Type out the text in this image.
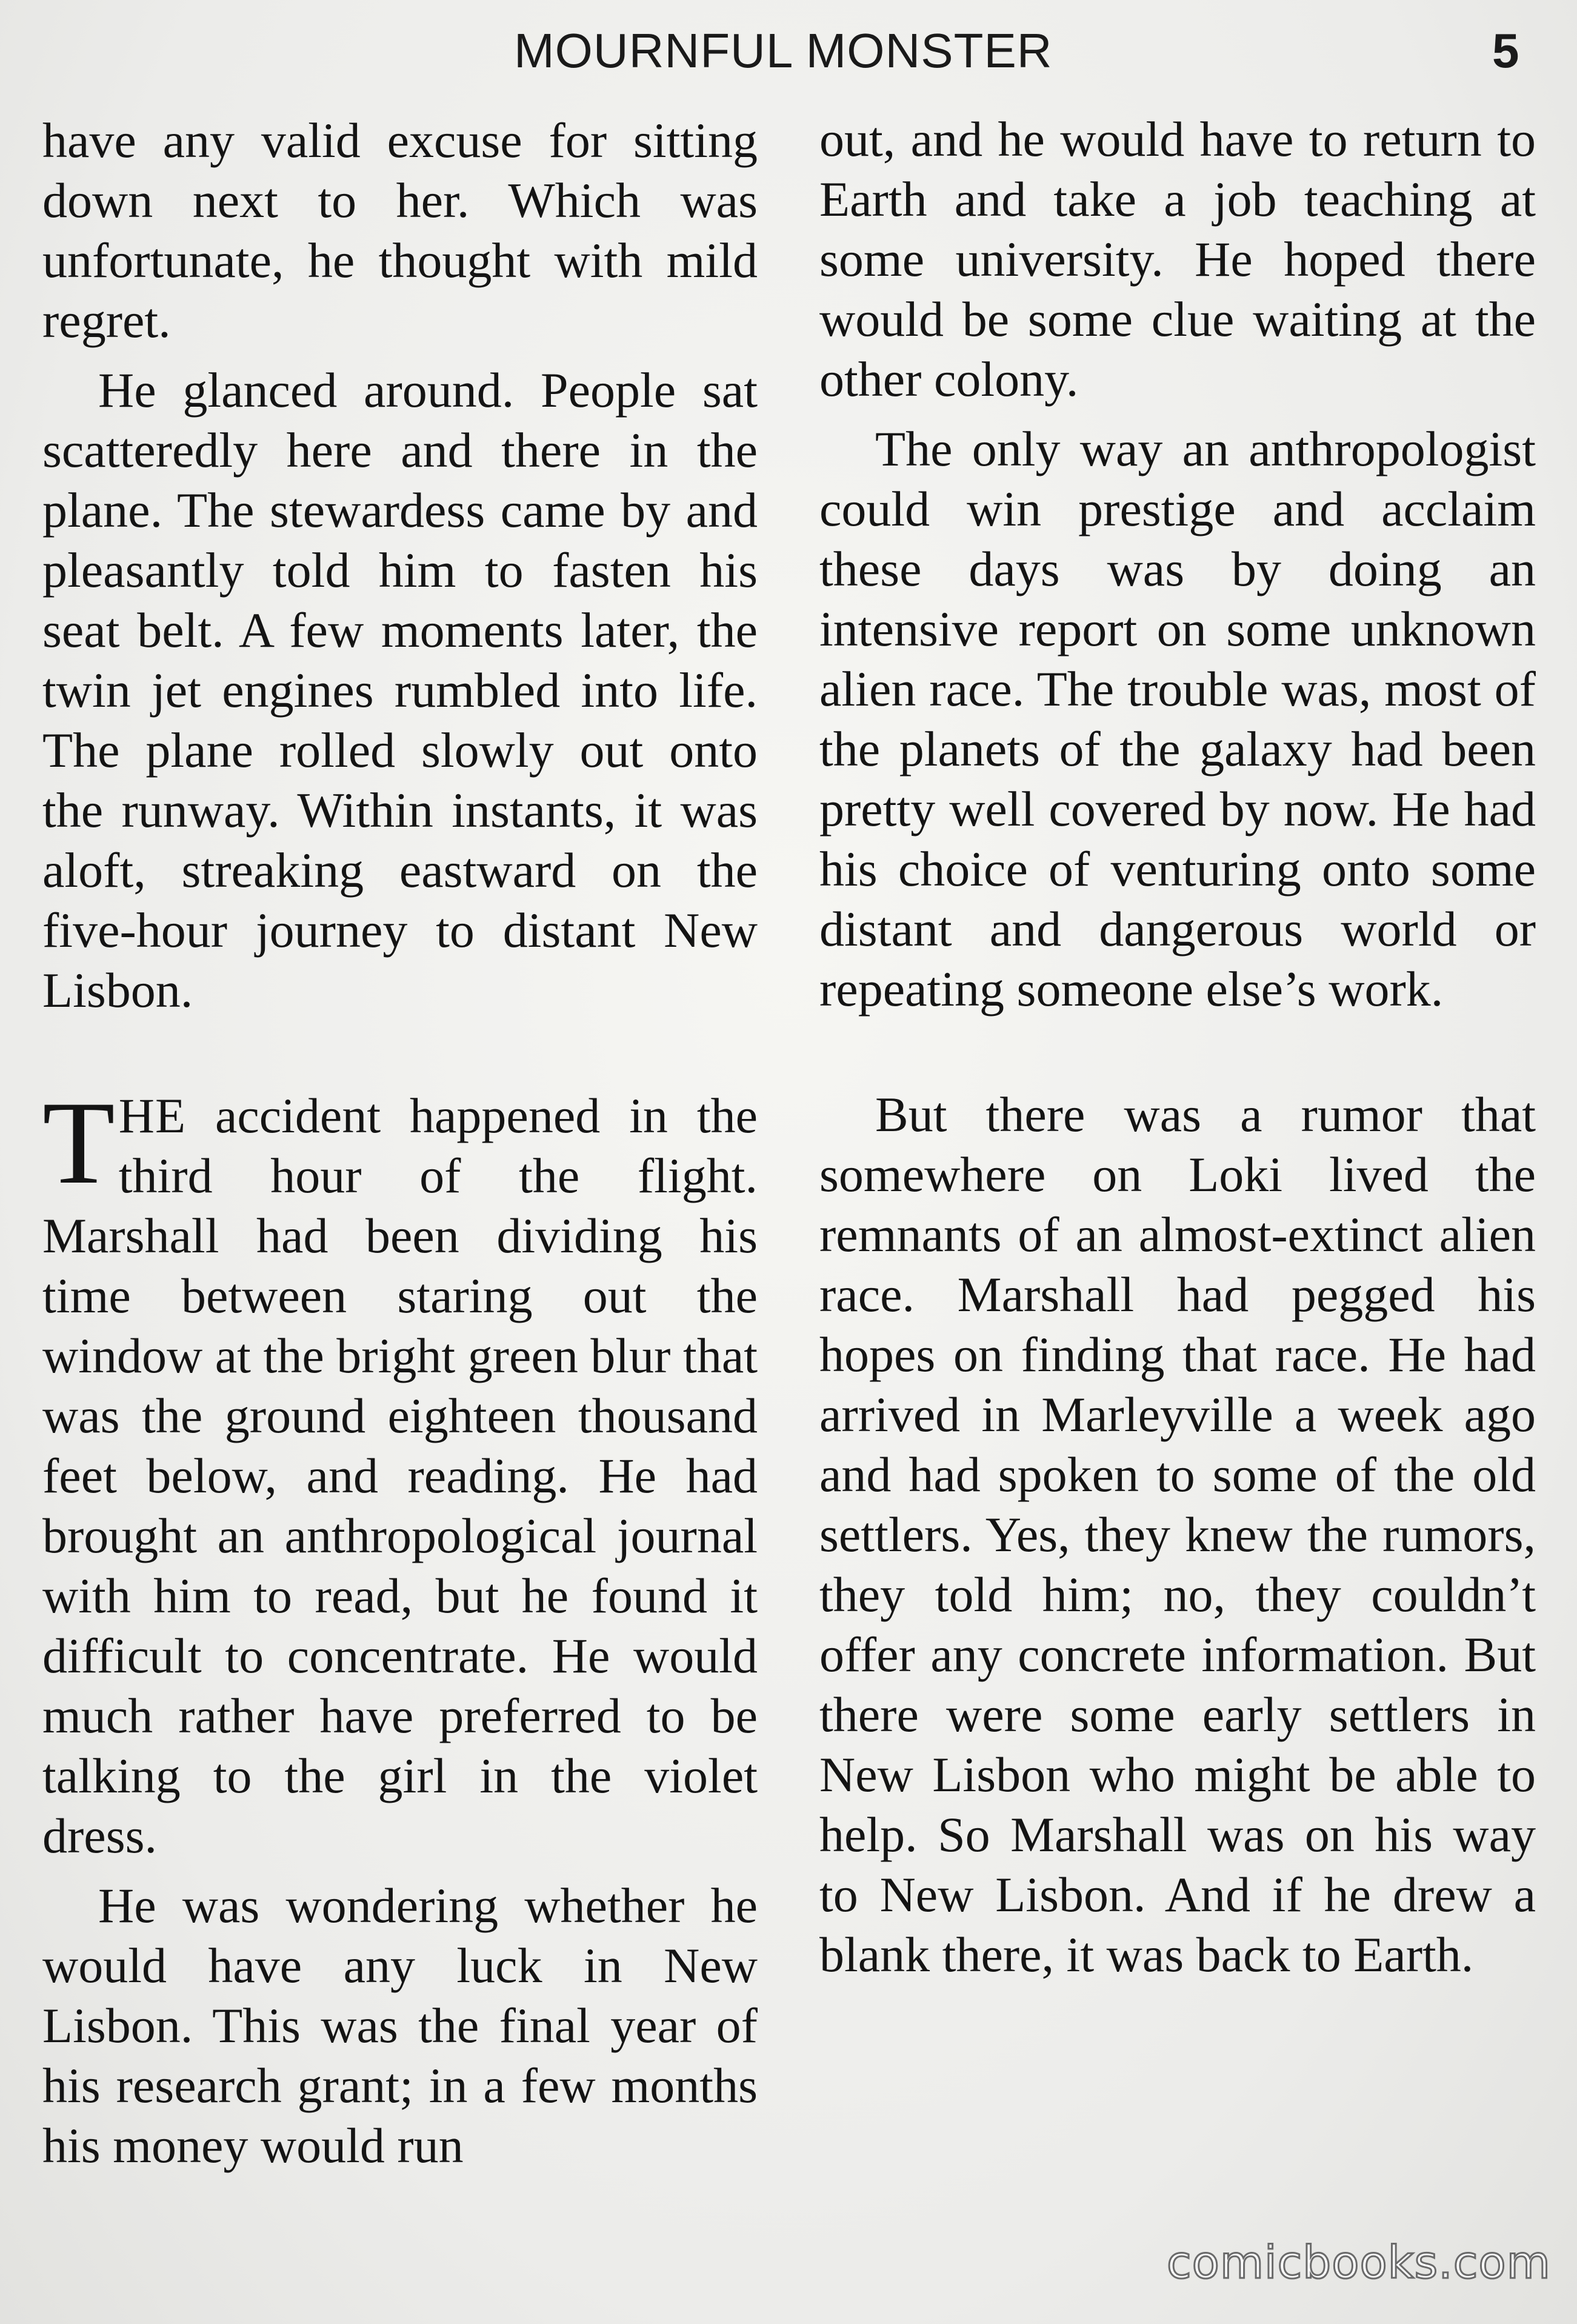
MOURNFUL MONSTER	5

have any valid excuse for sitting down next to her. Which was unfortunate, he thought with mild regret.

He glanced around. People sat scatteredly here and there in the plane. The stewardess came by and pleasantly told him to fasten his seat belt. A few moments later, the twin jet engines rumbled into life. The plane rolled slowly out onto the runway. Within instants, it was aloft, streaking eastward on the five-hour journey to distant New Lisbon.

THE accident happened in the third hour of the flight. Marshall had been dividing his time between staring out the window at the bright green blur that was the ground eighteen thousand feet below, and reading. He had brought an anthropological journal with him to read, but he found it difficult to concentrate. He would much rather have preferred to be talking to the girl in the violet dress.

He was wondering whether he would have any luck in New Lisbon. This was the final year of his research grant; in a few months his money would run

out, and he would have to return to Earth and take a job teaching at some university. He hoped there would be some clue waiting at the other colony.

The only way an anthropologist could win prestige and acclaim these days was by doing an intensive report on some unknown alien race. The trouble was, most of the planets of the galaxy had been pretty well covered by now. He had his choice of venturing onto some distant and dangerous world or repeating someone else’s work.

But there was a rumor that somewhere on Loki lived the remnants of an almost-extinct alien race. Marshall had pegged his hopes on finding that race. He had arrived in Marleyville a week ago and had spoken to some of the old settlers. Yes, they knew the rumors, they told him; no, they couldn’t offer any concrete information. But there were some early settlers in New Lisbon who might be able to help. So Marshall was on his way to New Lisbon. And if he drew a blank there, it was back to Earth.

comicbooks.com
